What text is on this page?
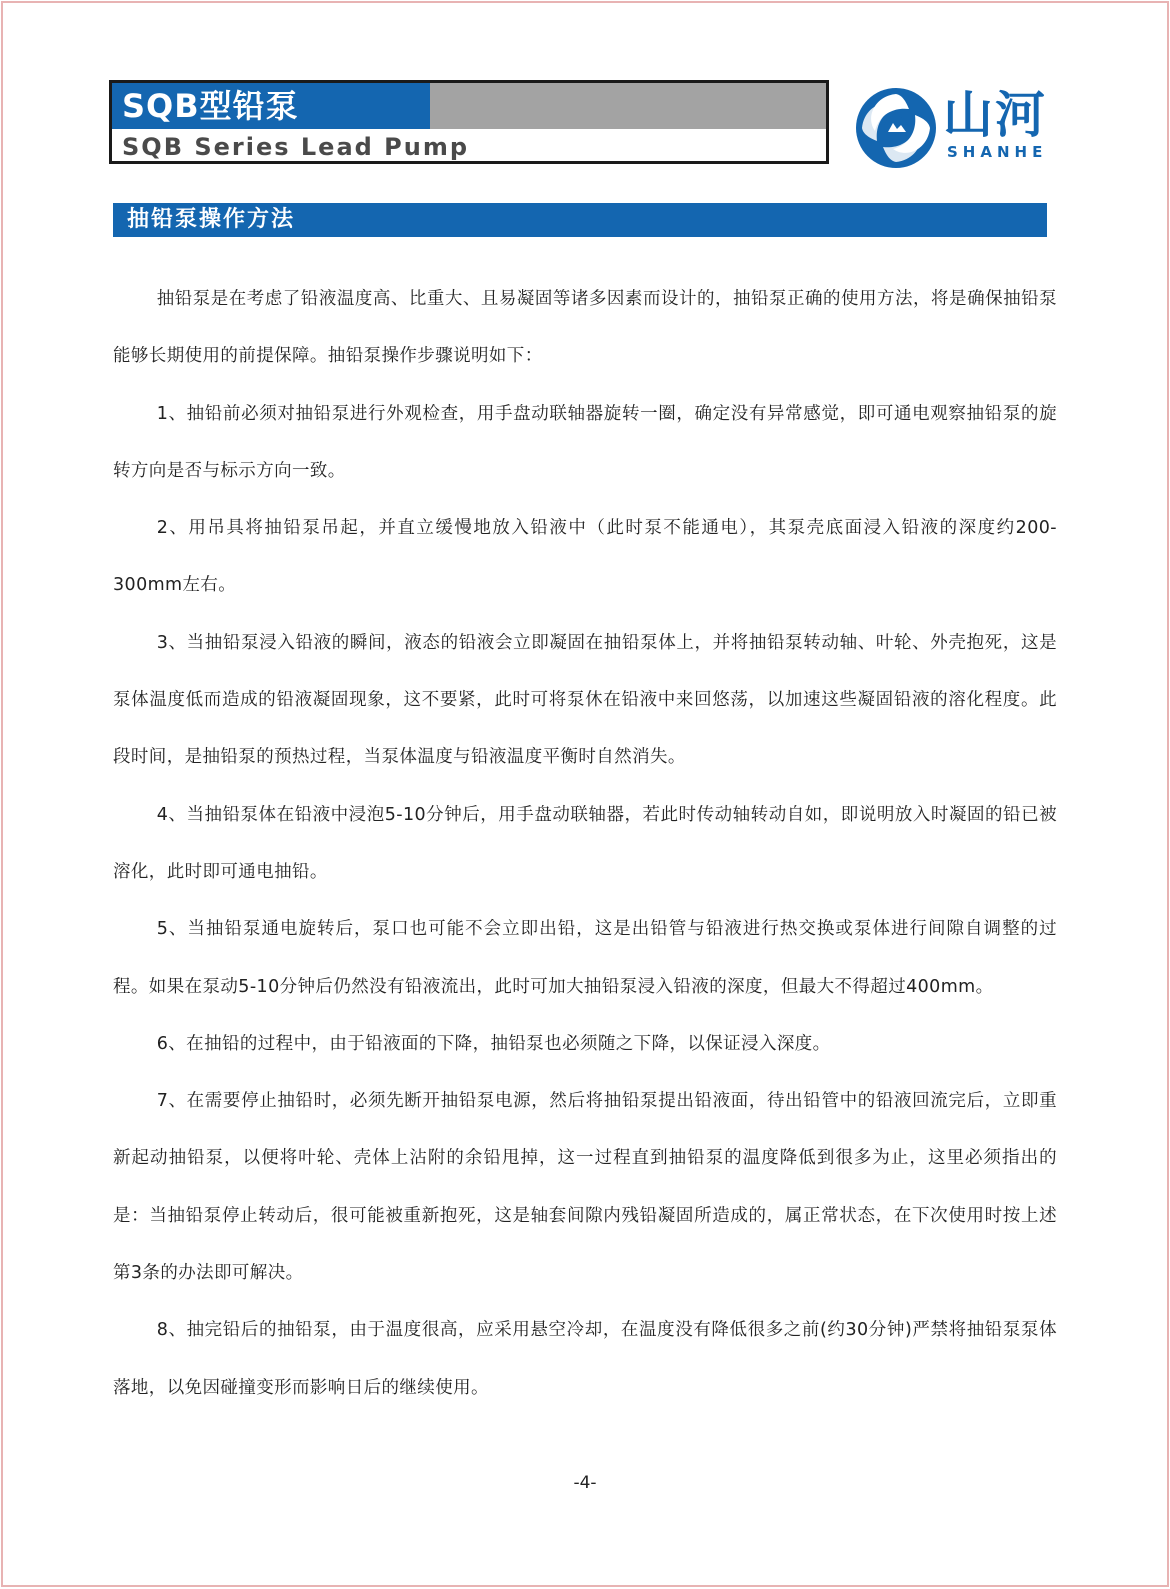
SQB型铅泵
SQB Series Lead Pump
山河
SHANHE
抽铅泵操作方法

抽铅泵是在考虑了铅液温度高、比重大、且易凝固等诸多因素而设计的，抽铅泵正确的使用方法，将是确保抽铅泵能够长期使用的前提保障。抽铅泵操作步骤说明如下：

1、抽铅前必须对抽铅泵进行外观检查，用手盘动联轴器旋转一圈，确定没有异常感觉，即可通电观察抽铅泵的旋转方向是否与标示方向一致。

2、用吊具将抽铅泵吊起，并直立缓慢地放入铅液中（此时泵不能通电），其泵壳底面浸入铅液的深度约200-300mm左右。

3、当抽铅泵浸入铅液的瞬间，液态的铅液会立即凝固在抽铅泵体上，并将抽铅泵转动轴、叶轮、外壳抱死，这是泵体温度低而造成的铅液凝固现象，这不要紧，此时可将泵休在铅液中来回悠荡，以加速这些凝固铅液的溶化程度。此段时间，是抽铅泵的预热过程，当泵体温度与铅液温度平衡时自然消失。

4、当抽铅泵体在铅液中浸泡5-10分钟后，用手盘动联轴器，若此时传动轴转动自如，即说明放入时凝固的铅已被溶化，此时即可通电抽铅。

5、当抽铅泵通电旋转后，泵口也可能不会立即出铅，这是出铅管与铅液进行热交换或泵体进行间隙自调整的过程。如果在泵动5-10分钟后仍然没有铅液流出，此时可加大抽铅泵浸入铅液的深度，但最大不得超过400mm。

6、在抽铅的过程中，由于铅液面的下降，抽铅泵也必须随之下降，以保证浸入深度。

7、在需要停止抽铅时，必须先断开抽铅泵电源，然后将抽铅泵提出铅液面，待出铅管中的铅液回流完后，立即重新起动抽铅泵，以便将叶轮、壳体上沾附的余铅甩掉，这一过程直到抽铅泵的温度降低到很多为止，这里必须指出的是：当抽铅泵停止转动后，很可能被重新抱死，这是轴套间隙内残铅凝固所造成的，属正常状态，在下次使用时按上述第3条的办法即可解决。

8、抽完铅后的抽铅泵，由于温度很高，应采用悬空冷却，在温度没有降低很多之前(约30分钟)严禁将抽铅泵泵体落地，以免因碰撞变形而影响日后的继续使用。

-4-
